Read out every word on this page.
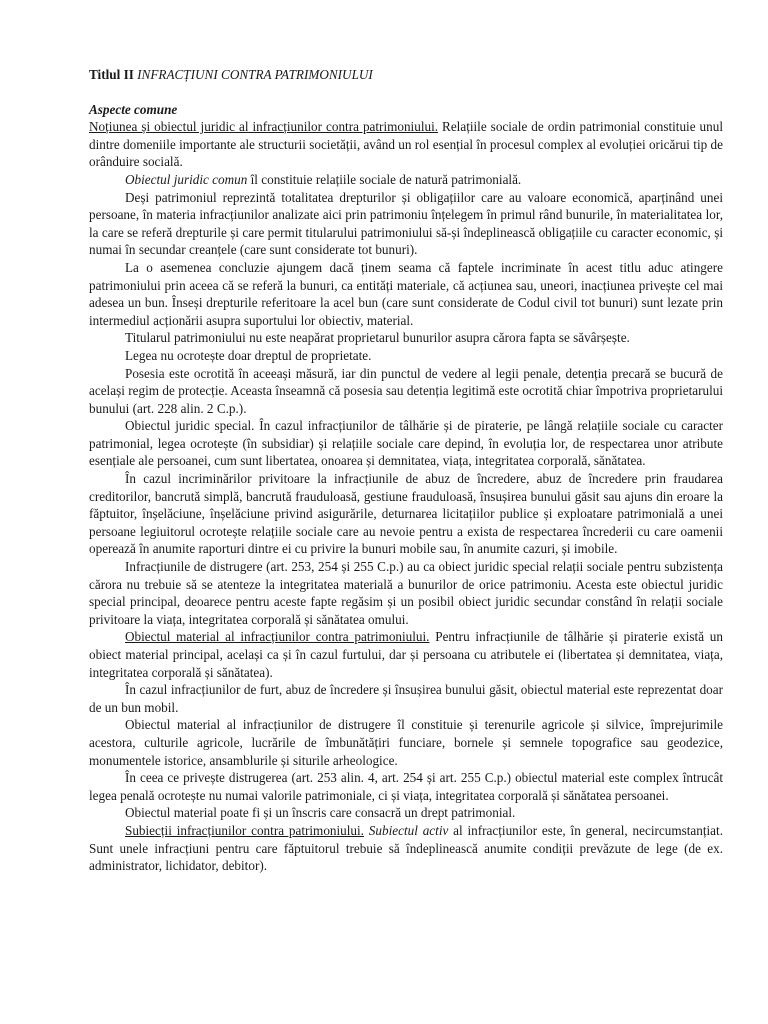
Titlul II INFRACȚIUNI CONTRA PATRIMONIULUI

Aspecte comune

Noțiunea și obiectul juridic al infracțiunilor contra patrimoniului. Relațiile sociale de ordin patrimonial constituie unul dintre domeniile importante ale structurii societății, având un rol esențial în procesul complex al evoluției oricărui tip de orânduire socială.

Obiectul juridic comun îl constituie relațiile sociale de natură patrimonială.

Deși patrimoniul reprezintă totalitatea drepturilor și obligațiilor care au valoare economică, aparținând unei persoane, în materia infracțiunilor analizate aici prin patrimoniu înțelegem în primul rând bunurile, în materialitatea lor, la care se referă drepturile și care permit titularului patrimoniului să-și îndeplinească obligațiile cu caracter economic, și numai în secundar creanțele (care sunt considerate tot bunuri).

La o asemenea concluzie ajungem dacă ținem seama că faptele incriminate în acest titlu aduc atingere patrimoniului prin aceea că se referă la bunuri, ca entități materiale, că acțiunea sau, uneori, inacțiunea privește cel mai adesea un bun. Înseși drepturile referitoare la acel bun (care sunt considerate de Codul civil tot bunuri) sunt lezate prin intermediul acționării asupra suportului lor obiectiv, material.

Titularul patrimoniului nu este neapărat proprietarul bunurilor asupra cărora fapta se săvârșește.

Legea nu ocrotește doar dreptul de proprietate.

Posesia este ocrotită în aceeași măsură, iar din punctul de vedere al legii penale, detenția precară se bucură de același regim de protecție. Aceasta înseamnă că posesia sau detenția legitimă este ocrotită chiar împotriva proprietarului bunului (art. 228 alin. 2 C.p.).

Obiectul juridic special. În cazul infracțiunilor de tâlhărie și de piraterie, pe lângă relațiile sociale cu caracter patrimonial, legea ocrotește (în subsidiar) și relațiile sociale care depind, în evoluția lor, de respectarea unor atribute esențiale ale persoanei, cum sunt libertatea, onoarea și demnitatea, viața, integritatea corporală, sănătatea.

În cazul incriminărilor privitoare la infracțiunile de abuz de încredere, abuz de încredere prin fraudarea creditorilor, bancrută simplă, bancrută frauduloasă, gestiune frauduloasă, însușirea bunului găsit sau ajuns din eroare la făptuitor, înșelăciune, înșelăciune privind asigurările, deturnarea licitațiilor publice și exploatare patrimonială a unei persoane legiuitorul ocrotește relațiile sociale care au nevoie pentru a exista de respectarea încrederii cu care oamenii operează în anumite raporturi dintre ei cu privire la bunuri mobile sau, în anumite cazuri, și imobile.

Infracțiunile de distrugere (art. 253, 254 și 255 C.p.) au ca obiect juridic special relații sociale pentru subzistența cărora nu trebuie să se atenteze la integritatea materială a bunurilor de orice patrimoniu. Acesta este obiectul juridic special principal, deoarece pentru aceste fapte regăsim și un posibil obiect juridic secundar constând în relații sociale privitoare la viața, integritatea corporală și sănătatea omului.

Obiectul material al infracțiunilor contra patrimoniului. Pentru infracțiunile de tâlhărie și piraterie există un obiect material principal, același ca și în cazul furtului, dar și persoana cu atributele ei (libertatea și demnitatea, viața, integritatea corporală și sănătatea).

În cazul infracțiunilor de furt, abuz de încredere și însușirea bunului găsit, obiectul material este reprezentat doar de un bun mobil.

Obiectul material al infracțiunilor de distrugere îl constituie și terenurile agricole și silvice, împrejurimile acestora, culturile agricole, lucrările de îmbunătățiri funciare, bornele și semnele topografice sau geodezice, monumentele istorice, ansamblurile și siturile arheologice.

În ceea ce privește distrugerea (art. 253 alin. 4, art. 254 și art. 255 C.p.) obiectul material este complex întrucât legea penală ocrotește nu numai valorile patrimoniale, ci și viața, integritatea corporală și sănătatea persoanei.

Obiectul material poate fi și un înscris care consacră un drept patrimonial.

Subiecții infracțiunilor contra patrimoniului. Subiectul activ al infracțiunilor este, în general, necircumstanțiat. Sunt unele infracțiuni pentru care făptuitorul trebuie să îndeplinească anumite condiții prevăzute de lege (de ex. administrator, lichidator, debitor).
